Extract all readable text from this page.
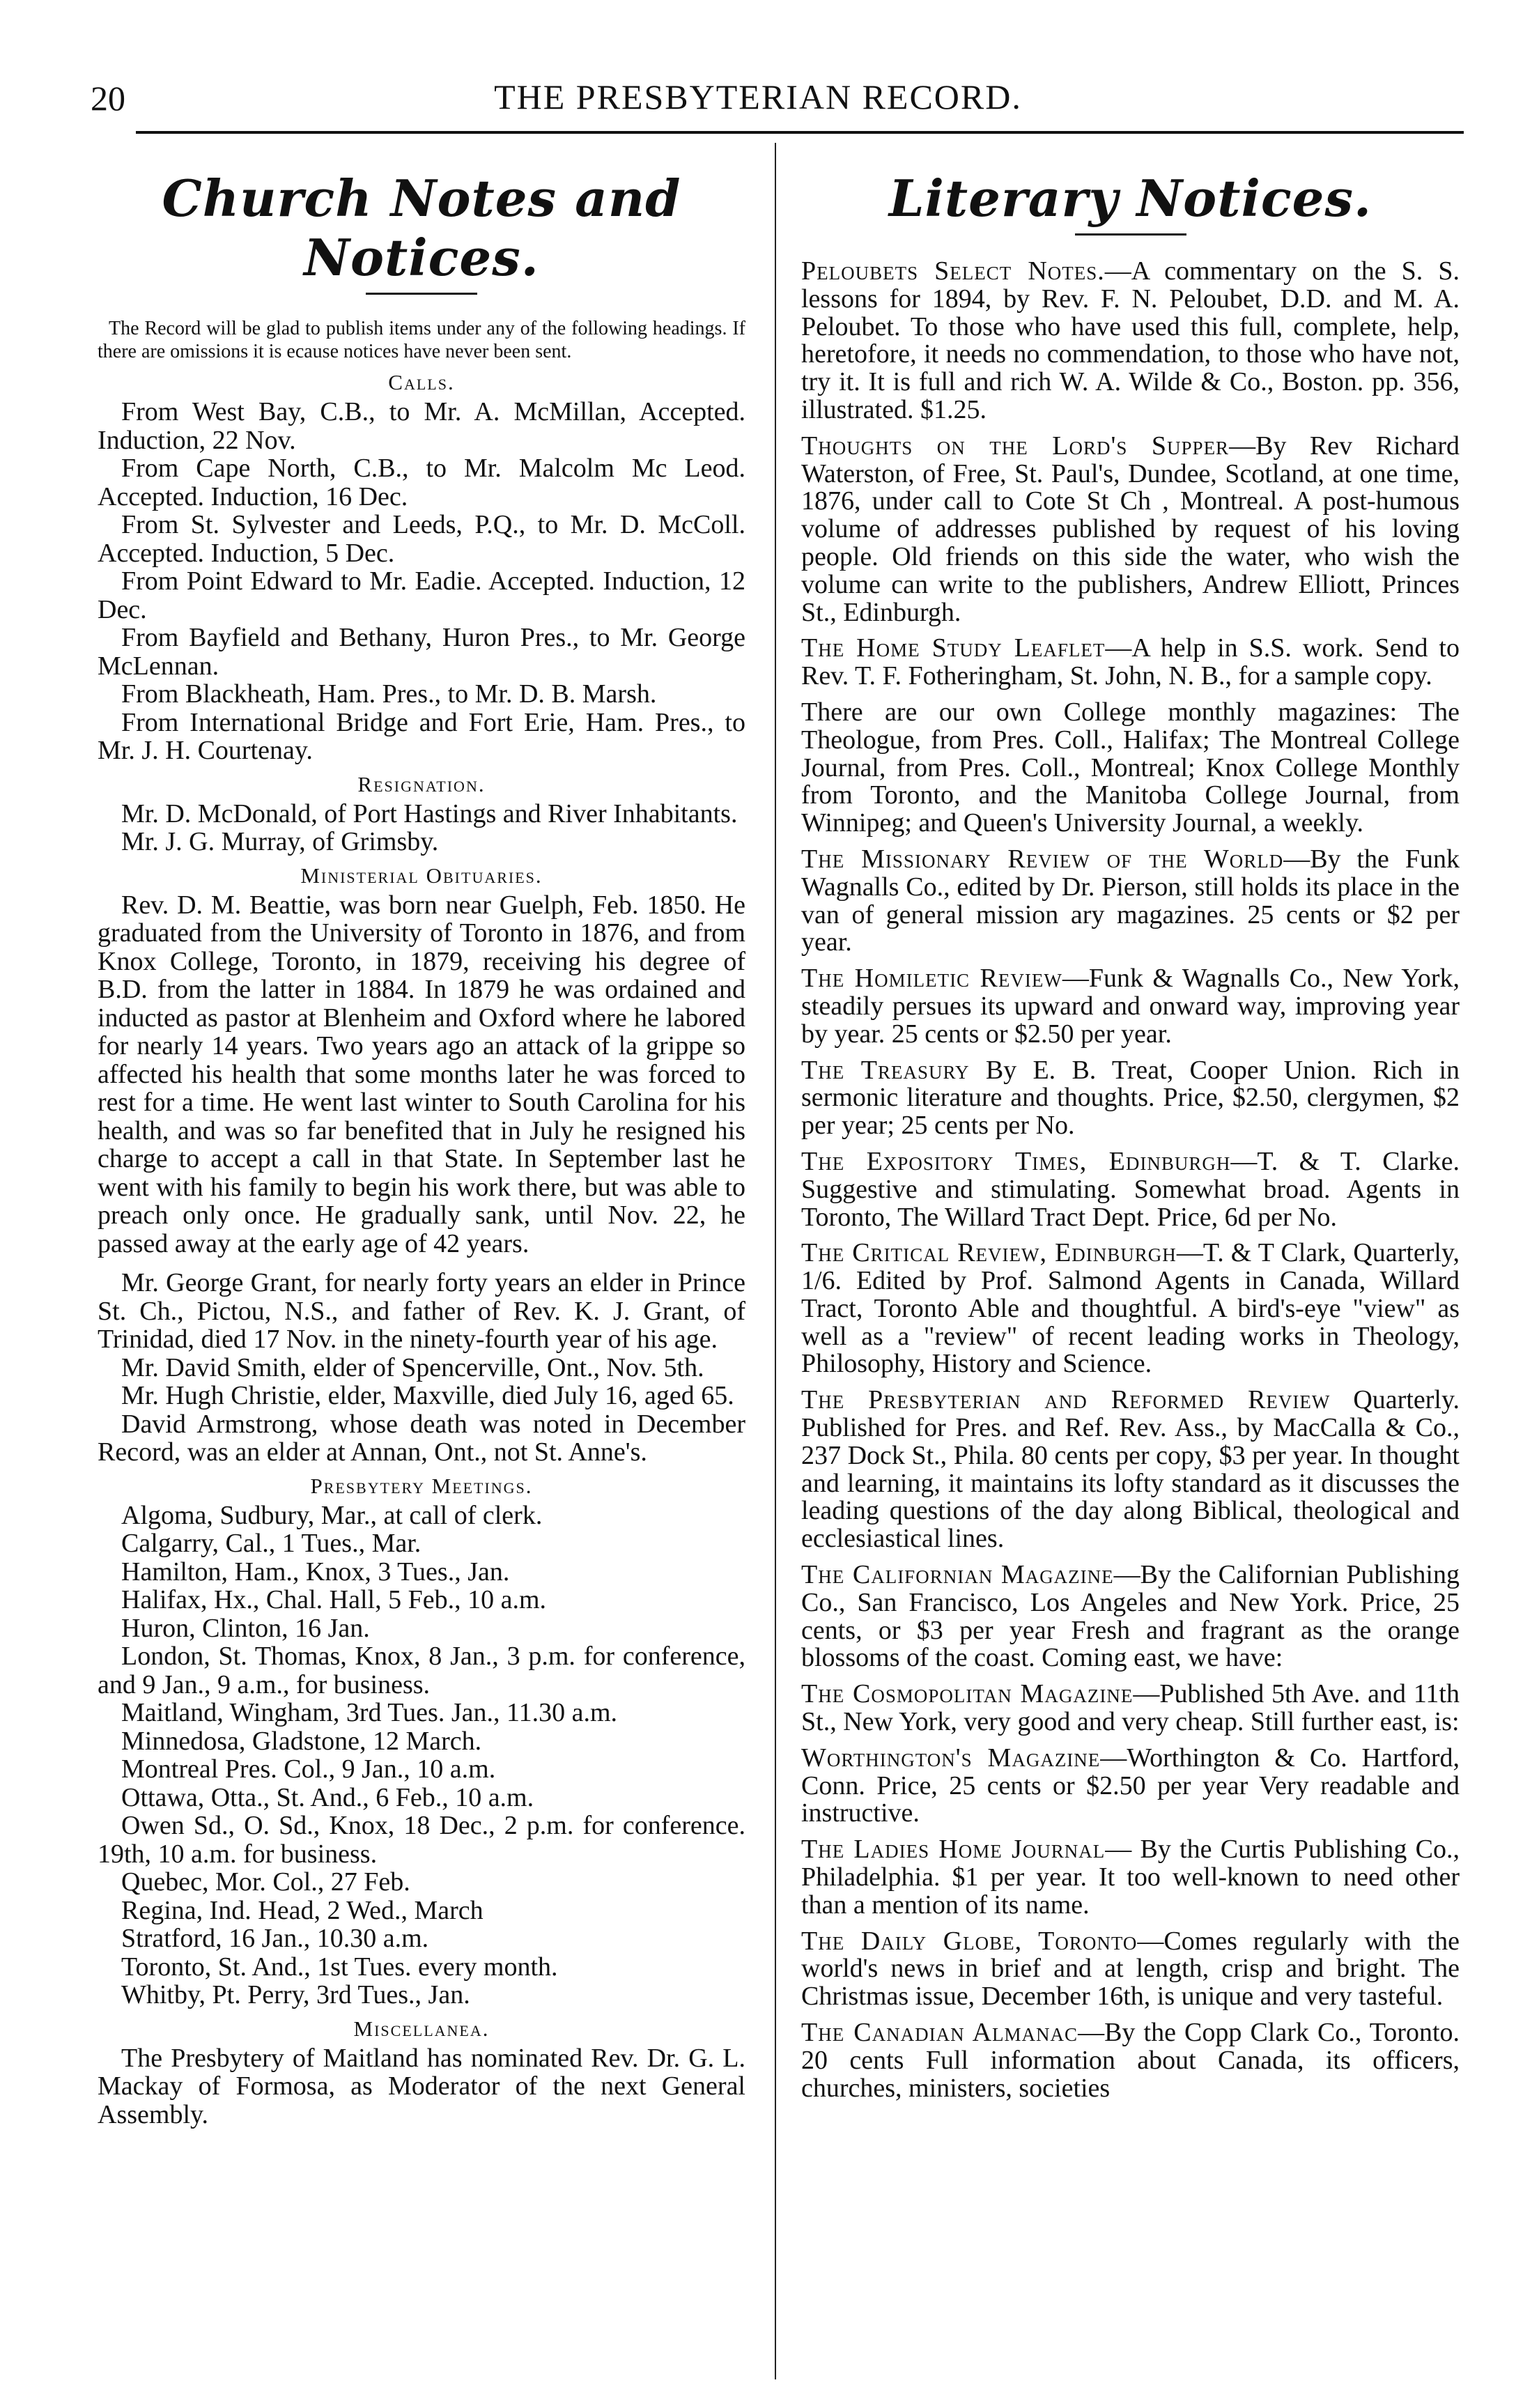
20	THE PRESBYTERIAN RECORD.
Church Notes and Notices.

The Record will be glad to publish items under any of the following headings. If there are omissions it is ecause notices have never been sent.

Calls.

From West Bay, C.B., to Mr. A. McMillan, Accepted. Induction, 22 Nov.

From Cape North, C.B., to Mr. Malcolm Mc Leod. Accepted. Induction, 16 Dec.

From St. Sylvester and Leeds, P.Q., to Mr. D. McColl. Accepted. Induction, 5 Dec.

From Point Edward to Mr. Eadie. Accepted. Induction, 12 Dec.

From Bayfield and Bethany, Huron Pres., to Mr. George McLennan.

From Blackheath, Ham. Pres., to Mr. D. B. Marsh.

From International Bridge and Fort Erie, Ham. Pres., to Mr. J. H. Courtenay.

Resignation.

Mr. D. McDonald, of Port Hastings and River Inhabitants.

Mr. J. G. Murray, of Grimsby.

Ministerial Obituaries.

Rev. D. M. Beattie, was born near Guelph, Feb. 1850. He graduated from the University of Toronto in 1876, and from Knox College, Toronto, in 1879, receiving his degree of B.D. from the latter in 1884. In 1879 he was ordained and inducted as pastor at Blenheim and Oxford where he labored for nearly 14 years. Two years ago an attack of la grippe so affected his health that some months later he was forced to rest for a time. He went last winter to South Carolina for his health, and was so far benefited that in July he resigned his charge to accept a call in that State. In September last he went with his family to begin his work there, but was able to preach only once. He gradually sank, until Nov. 22, he passed away at the early age of 42 years.

Mr. George Grant, for nearly forty years an elder in Prince St. Ch., Pictou, N.S., and father of Rev. K. J. Grant, of Trinidad, died 17 Nov. in the ninety-fourth year of his age.

Mr. David Smith, elder of Spencerville, Ont., Nov. 5th.

Mr. Hugh Christie, elder, Maxville, died July 16, aged 65.

David Armstrong, whose death was noted in December Record, was an elder at Annan, Ont., not St. Anne's.

Presbytery Meetings.

Algoma, Sudbury, Mar., at call of clerk.

Calgarry, Cal., 1 Tues., Mar.

Hamilton, Ham., Knox, 3 Tues., Jan.

Halifax, Hx., Chal. Hall, 5 Feb., 10 a.m.

Huron, Clinton, 16 Jan.

London, St. Thomas, Knox, 8 Jan., 3 p.m. for conference, and 9 Jan., 9 a.m., for business.

Maitland, Wingham, 3rd Tues. Jan., 11.30 a.m.

Minnedosa, Gladstone, 12 March.

Montreal Pres. Col., 9 Jan., 10 a.m.

Ottawa, Otta., St. And., 6 Feb., 10 a.m.

Owen Sd., O. Sd., Knox, 18 Dec., 2 p.m. for conference. 19th, 10 a.m. for business.

Quebec, Mor. Col., 27 Feb.

Regina, Ind. Head, 2 Wed., March

Stratford, 16 Jan., 10.30 a.m.

Toronto, St. And., 1st Tues. every month.

Whitby, Pt. Perry, 3rd Tues., Jan.

Miscellanea.

The Presbytery of Maitland has nominated Rev. Dr. G. L. Mackay of Formosa, as Moderator of the next General Assembly.

Literary Notices.

Peloubets Select Notes.—A commentary on the S. S. lessons for 1894, by Rev. F. N. Peloubet, D.D. and M. A. Peloubet. To those who have used this full, complete, help, heretofore, it needs no commendation, to those who have not, try it. It is full and rich W. A. Wilde & Co., Boston. pp. 356, illustrated. $1.25.

Thoughts on the Lord's Supper—By Rev Richard Waterston, of Free, St. Paul's, Dundee, Scotland, at one time, 1876, under call to Cote St Ch , Montreal. A post-humous volume of addresses published by request of his loving people. Old friends on this side the water, who wish the volume can write to the publishers, Andrew Elliott, Princes St., Edinburgh.

The Home Study Leaflet—A help in S.S. work. Send to Rev. T. F. Fotheringham, St. John, N. B., for a sample copy.

There are our own College monthly magazines: The Theologue, from Pres. Coll., Halifax; The Montreal College Journal, from Pres. Coll., Montreal; Knox College Monthly from Toronto, and the Manitoba College Journal, from Winnipeg; and Queen's University Journal, a weekly.

The Missionary Review of the World—By the Funk Wagnalls Co., edited by Dr. Pierson, still holds its place in the van of general mission ary magazines. 25 cents or $2 per year.

The Homiletic Review—Funk & Wagnalls Co., New York, steadily persues its upward and onward way, improving year by year. 25 cents or $2.50 per year.

The Treasury By E. B. Treat, Cooper Union. Rich in sermonic literature and thoughts. Price, $2.50, clergymen, $2 per year; 25 cents per No.

The Expository Times, Edinburgh—T. & T. Clarke. Suggestive and stimulating. Somewhat broad. Agents in Toronto, The Willard Tract Dept. Price, 6d per No.

The Critical Review, Edinburgh—T. & T Clark, Quarterly, 1/6. Edited by Prof. Salmond Agents in Canada, Willard Tract, Toronto Able and thoughtful. A bird's-eye "view" as well as a "review" of recent leading works in Theology, Philosophy, History and Science.

The Presbyterian and Reformed Review Quarterly. Published for Pres. and Ref. Rev. Ass., by MacCalla & Co., 237 Dock St., Phila. 80 cents per copy, $3 per year. In thought and learning, it maintains its lofty standard as it discusses the leading questions of the day along Biblical, theological and ecclesiastical lines.

The Californian Magazine—By the Californian Publishing Co., San Francisco, Los Angeles and New York. Price, 25 cents, or $3 per year Fresh and fragrant as the orange blossoms of the coast. Coming east, we have:

The Cosmopolitan Magazine—Published 5th Ave. and 11th St., New York, very good and very cheap. Still further east, is:

Worthington's Magazine—Worthington & Co. Hartford, Conn. Price, 25 cents or $2.50 per year Very readable and instructive.

The Ladies Home Journal— By the Curtis Publishing Co., Philadelphia. $1 per year. It too well-known to need other than a mention of its name.

The Daily Globe, Toronto—Comes regularly with the world's news in brief and at length, crisp and bright. The Christmas issue, December 16th, is unique and very tasteful.

The Canadian Almanac—By the Copp Clark Co., Toronto. 20 cents Full information about Canada, its officers, churches, ministers, societies
